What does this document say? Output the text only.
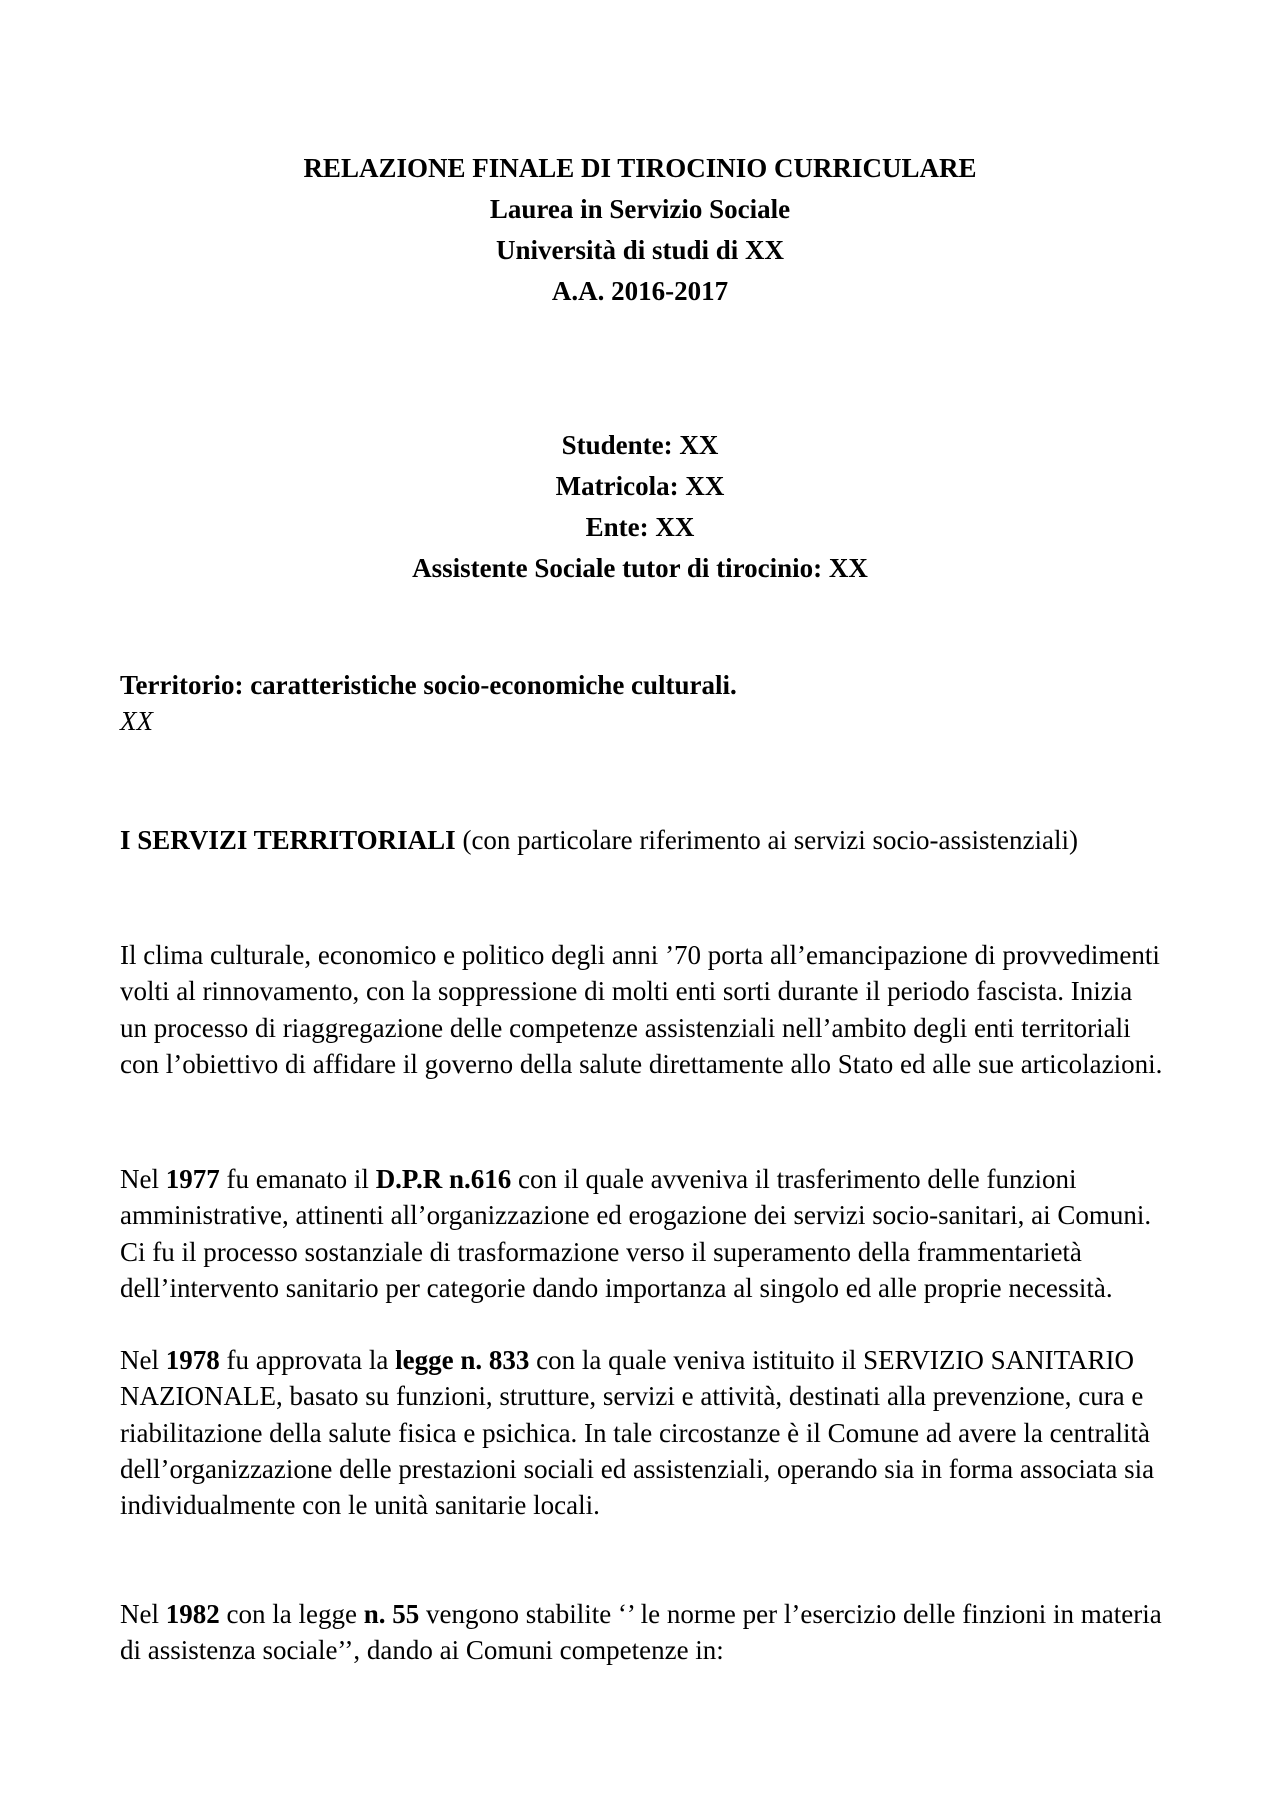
RELAZIONE FINALE DI TIROCINIO CURRICULARE
Laurea in Servizio Sociale
Università di studi di XX
A.A. 2016-2017
Studente: XX
Matricola: XX
Ente: XX
Assistente Sociale tutor di tirocinio: XX

Territorio: caratteristiche socio-economiche culturali.

XX

I SERVIZI TERRITORIALI (con particolare riferimento ai servizi socio-assistenziali)

Il clima culturale, economico e politico degli anni ’70 porta all’emancipazione di provvedimenti volti al rinnovamento, con la soppressione di molti enti sorti durante il periodo fascista. Inizia un processo di riaggregazione delle competenze assistenziali nell’ambito degli enti territoriali con l’obiettivo di affidare il governo della salute direttamente allo Stato ed alle sue articolazioni.

Nel 1977 fu emanato il D.P.R n.616 con il quale avveniva il trasferimento delle funzioni amministrative, attinenti all’organizzazione ed erogazione dei servizi socio-sanitari, ai Comuni. Ci fu il processo sostanziale di trasformazione verso il superamento della frammentarietà dell’intervento sanitario per categorie dando importanza al singolo ed alle proprie necessità.

Nel 1978 fu approvata la legge n. 833 con la quale veniva istituito il SERVIZIO SANITARIO NAZIONALE, basato su funzioni, strutture, servizi e attività, destinati alla prevenzione, cura e riabilitazione della salute fisica e psichica. In tale circostanze è il Comune ad avere la centralità dell’organizzazione delle prestazioni sociali ed assistenziali, operando sia in forma associata sia individualmente con le unità sanitarie locali.

Nel 1982 con la legge n. 55 vengono stabilite ‘’ le norme per l’esercizio delle finzioni in materia di assistenza sociale’’, dando ai Comuni competenze in:
